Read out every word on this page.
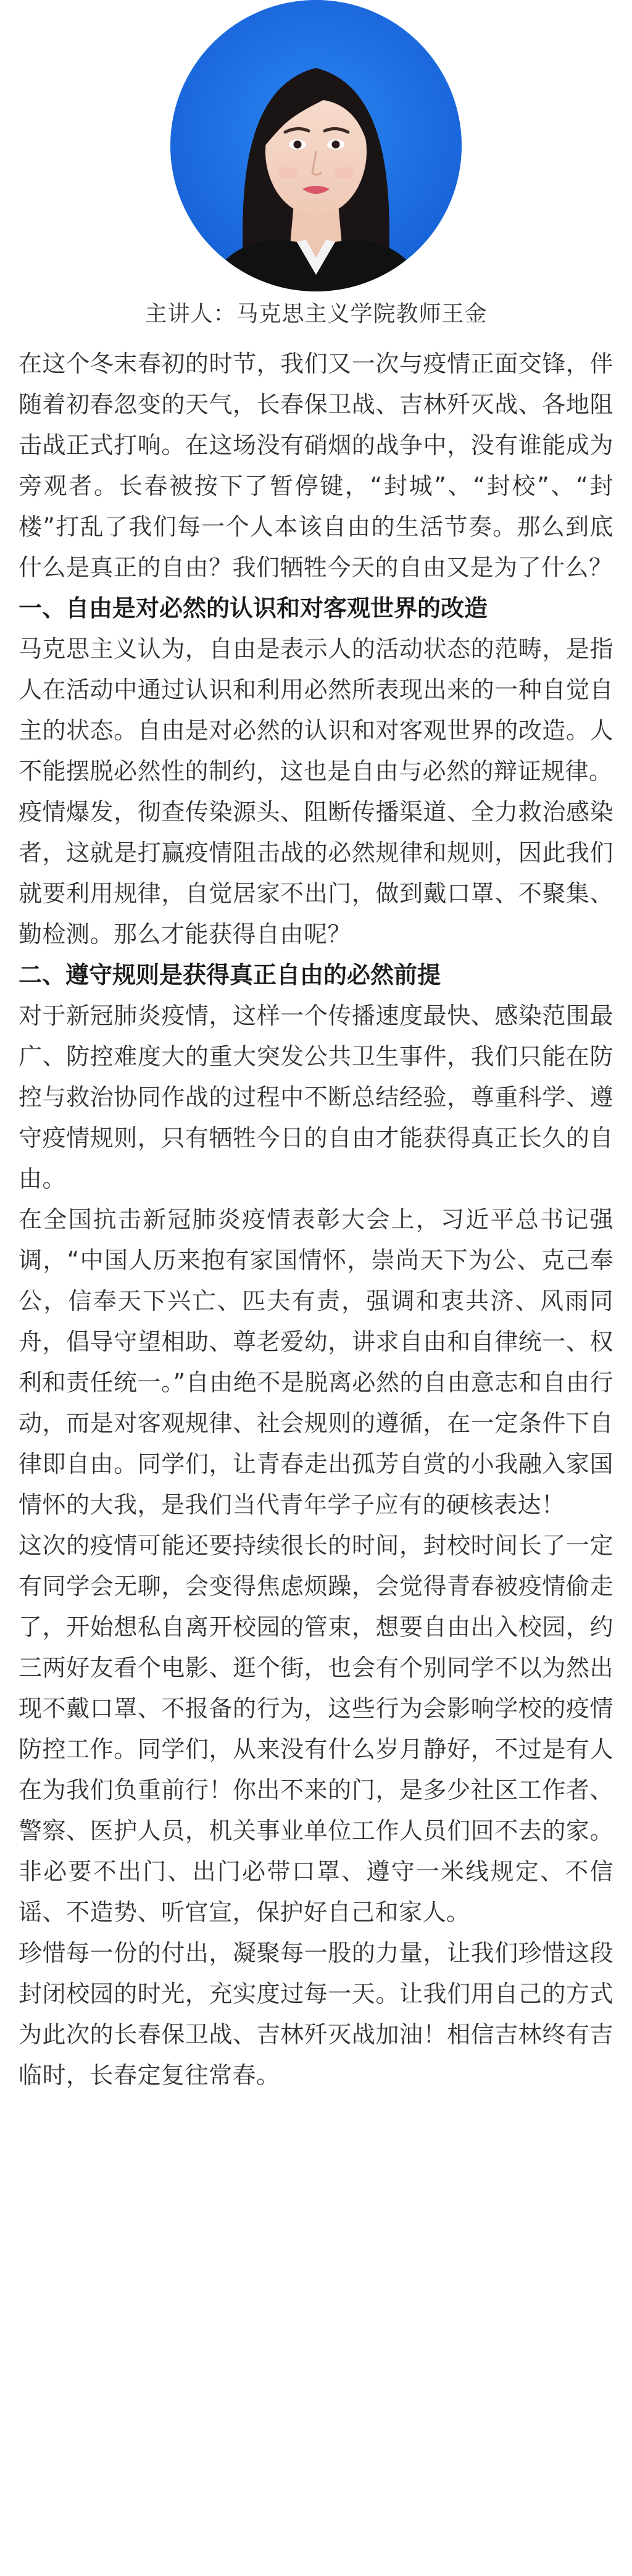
主讲人：马克思主义学院教师王金

在这个冬末春初的时节，我们又一次与疫情正面交锋，伴随着初春忽变的天气，长春保卫战、吉林歼灭战、各地阻击战正式打响。在这场没有硝烟的战争中，没有谁能成为旁观者。长春被按下了暂停键，“封城”、“封校”、“封楼”打乱了我们每一个人本该自由的生活节奏。那么到底什么是真正的自由？我们牺牲今天的自由又是为了什么？

一、自由是对必然的认识和对客观世界的改造

马克思主义认为，自由是表示人的活动状态的范畴，是指人在活动中通过认识和利用必然所表现出来的一种自觉自主的状态。自由是对必然的认识和对客观世界的改造。人不能摆脱必然性的制约，这也是自由与必然的辩证规律。

疫情爆发，彻查传染源头、阻断传播渠道、全力救治感染者，这就是打赢疫情阻击战的必然规律和规则，因此我们就要利用规律，自觉居家不出门，做到戴口罩、不聚集、勤检测。那么才能获得自由呢？

二、遵守规则是获得真正自由的必然前提

对于新冠肺炎疫情，这样一个传播速度最快、感染范围最广、防控难度大的重大突发公共卫生事件，我们只能在防控与救治协同作战的过程中不断总结经验，尊重科学、遵守疫情规则，只有牺牲今日的自由才能获得真正长久的自由。

在全国抗击新冠肺炎疫情表彰大会上，习近平总书记强调，“中国人历来抱有家国情怀，崇尚天下为公、克己奉公，信奉天下兴亡、匹夫有责，强调和衷共济、风雨同舟，倡导守望相助、尊老爱幼，讲求自由和自律统一、权利和责任统一。”自由绝不是脱离必然的自由意志和自由行动，而是对客观规律、社会规则的遵循，在一定条件下自律即自由。同学们，让青春走出孤芳自赏的小我融入家国情怀的大我，是我们当代青年学子应有的硬核表达！

这次的疫情可能还要持续很长的时间，封校时间长了一定有同学会无聊，会变得焦虑烦躁，会觉得青春被疫情偷走了，开始想私自离开校园的管束，想要自由出入校园，约三两好友看个电影、逛个街，也会有个别同学不以为然出现不戴口罩、不报备的行为，这些行为会影响学校的疫情防控工作。同学们，从来没有什么岁月静好，不过是有人在为我们负重前行！你出不来的门，是多少社区工作者、警察、医护人员，机关事业单位工作人员们回不去的家。非必要不出门、出门必带口罩、遵守一米线规定、不信谣、不造势、听官宣，保护好自己和家人。

珍惜每一份的付出，凝聚每一股的力量，让我们珍惜这段封闭校园的时光，充实度过每一天。让我们用自己的方式为此次的长春保卫战、吉林歼灭战加油！相信吉林终有吉临时，长春定复往常春。
